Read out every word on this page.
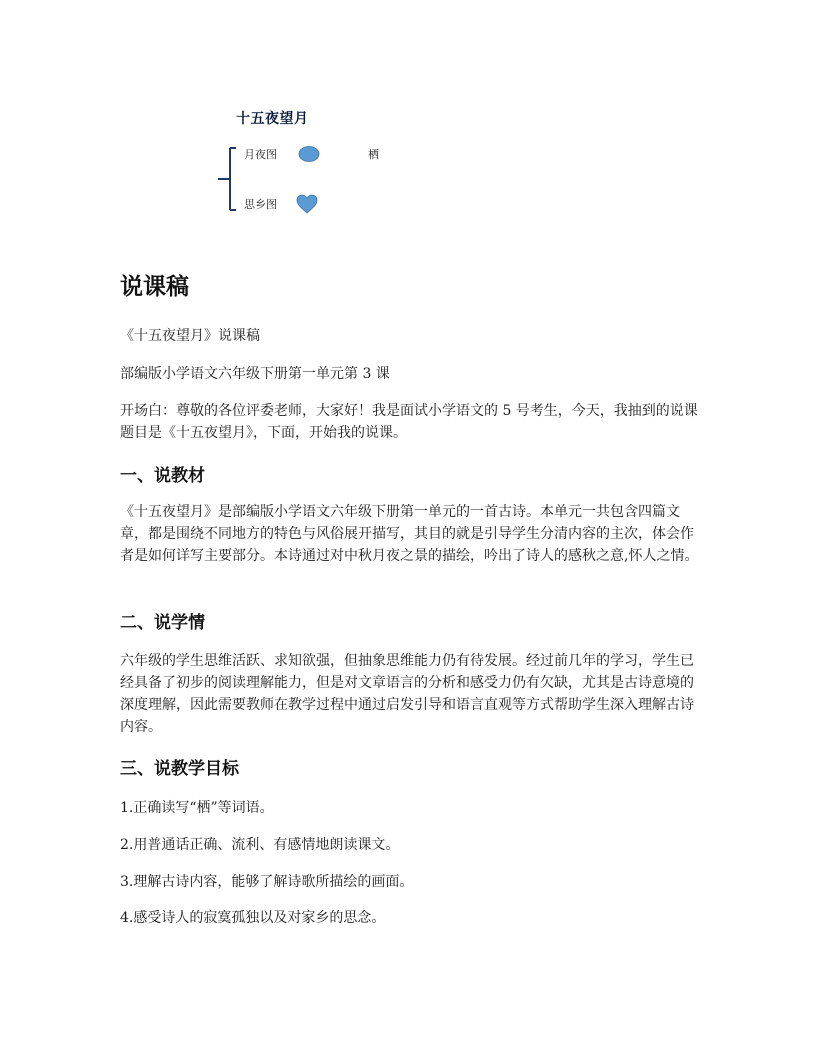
十五夜望月
月夜图	栖
思乡图
说课稿
《十五夜望月》说课稿
部编版小学语文六年级下册第一单元第 3 课
开场白：尊敬的各位评委老师，大家好！我是面试小学语文的 5 号考生，今天，我抽到的说课题目是《十五夜望月》，下面，开始我的说课。
一、说教材
《十五夜望月》是部编版小学语文六年级下册第一单元的一首古诗。本单元一共包含四篇文章，都是围绕不同地方的特色与风俗展开描写，其目的就是引导学生分清内容的主次，体会作者是如何详写主要部分。本诗通过对中秋月夜之景的描绘，吟出了诗人的感秋之意,怀人之情。
二、说学情
六年级的学生思维活跃、求知欲强，但抽象思维能力仍有待发展。经过前几年的学习，学生已经具备了初步的阅读理解能力，但是对文章语言的分析和感受力仍有欠缺，尤其是古诗意境的深度理解，因此需要教师在教学过程中通过启发引导和语言直观等方式帮助学生深入理解古诗内容。
三、说教学目标
1.正确读写“栖”等词语。
2.用普通话正确、流利、有感情地朗读课文。
3.理解古诗内容，能够了解诗歌所描绘的画面。
4.感受诗人的寂寞孤独以及对家乡的思念。
